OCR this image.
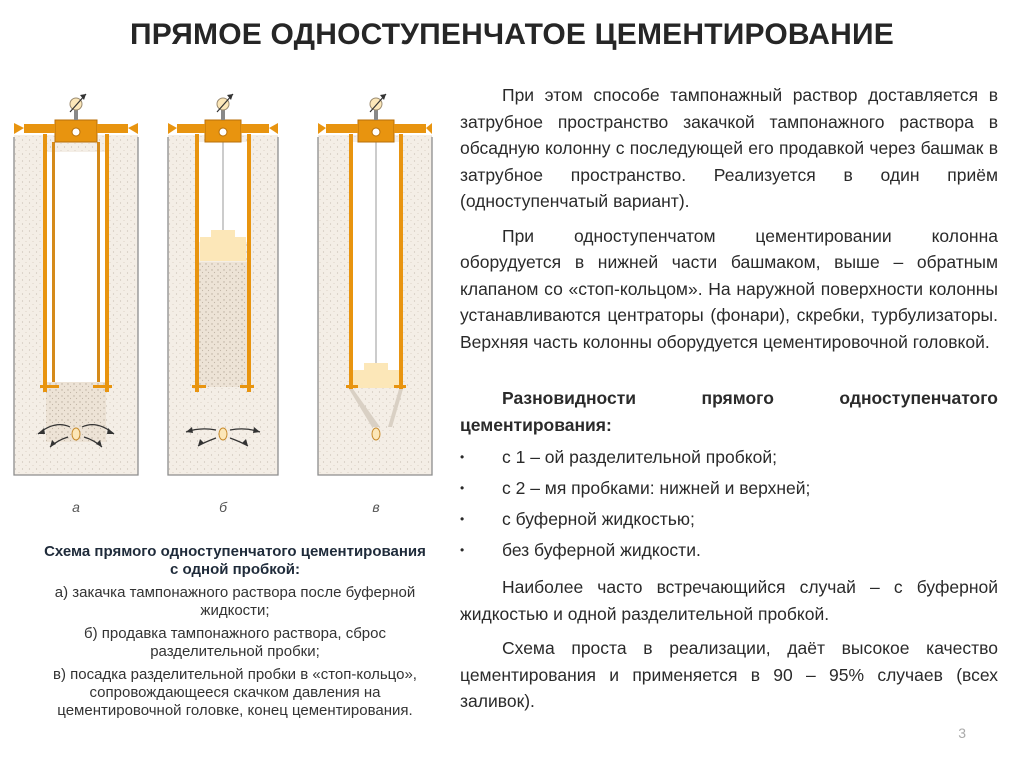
ПРЯМОЕ ОДНОСТУПЕНЧАТОЕ ЦЕМЕНТИРОВАНИЕ
а	б	в
Схема прямого одноступенчатого цементирования с одной пробкой:
а) закачка тампонажного раствора после буферной жидкости;
б) продавка тампонажного раствора, сброс разделительной пробки;
в) посадка разделительной пробки в «стоп-кольцо», сопровождающееся скачком давления на цементировочной головке, конец цементирования.

При этом способе тампонажный раствор доставляется в затрубное пространство закачкой тампонажного раствора в обсадную колонну с последующей его продавкой через башмак в затрубное пространство. Реализуется в один приём (одноступенчатый вариант).

При одноступенчатом цементировании колонна оборудуется в нижней части башмаком, выше – обратным клапаном со «стоп-кольцом». На наружной поверхности колонны устанавливаются центраторы (фонари), скребки, турбулизаторы. Верхняя часть колонны оборудуется цементировочной головкой.

Разновидности прямого одноступенчатого цементирования:

• с 1 – ой разделительной пробкой;
• с 2 – мя пробками: нижней и верхней;
• с буферной жидкостью;
• без буферной жидкости.

Наиболее часто встречающийся случай – с буферной жидкостью и одной разделительной пробкой.

Схема проста в реализации, даёт высокое качество цементирования и применяется в 90 – 95% случаев (всех заливок).

3
